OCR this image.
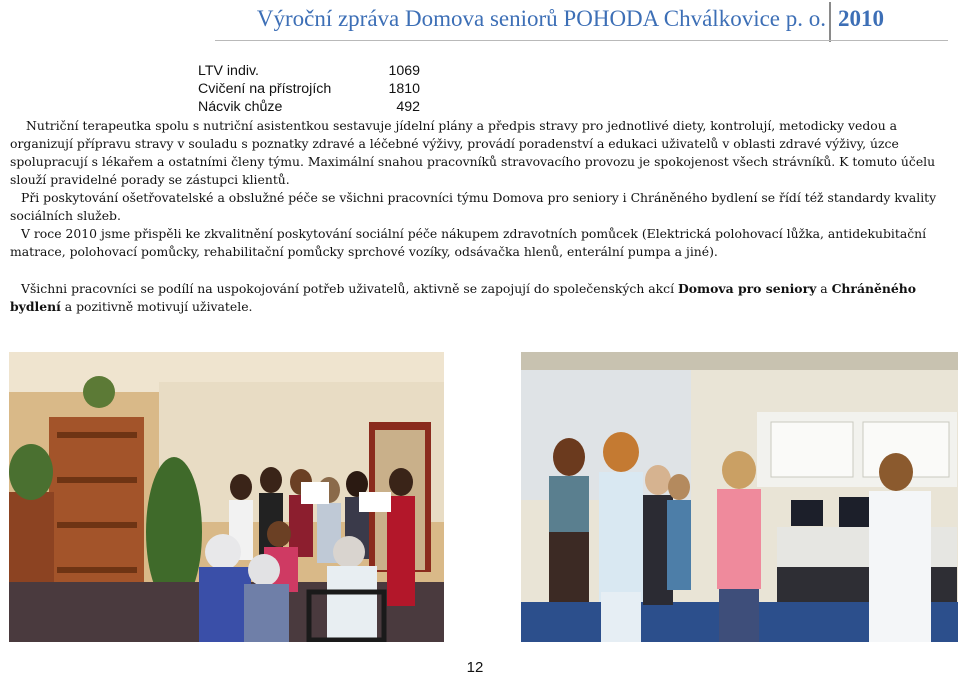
Výroční zpráva Domova seniorů POHODA Chválkovice p. o. 2010
LTV indiv.	1069
Cvičení na přístrojích	1810
Nácvik chůze	492

Nutriční terapeutka spolu s nutriční asistentkou sestavuje jídelní plány a předpis stravy pro jednotlivé diety, kontrolují, metodicky vedou a organizují přípravu stravy v souladu s poznatky zdravé a léčebné výživy, provádí poradenství a edukaci uživatelů v oblasti zdravé výživy, úzce spolupracují s lékařem a ostatními členy týmu. Maximální snahou pracovníků stravovacího provozu je spokojenost všech strávníků. K tomuto účelu slouží pravidelné porady se zástupci klientů.

Při poskytování ošetřovatelské a obslužné péče se všichni pracovníci týmu Domova pro seniory i Chráněného bydlení se řídí též standardy kvality sociálních služeb.

V roce 2010 jsme přispěli ke zkvalitnění poskytování sociální péče nákupem zdravotních pomůcek (Elektrická polohovací lůžka, antidekubitační matrace, polohovací pomůcky, rehabilitační pomůcky sprchové vozíky, odsávačka hlenů, enterální pumpa a jiné).

Všichni pracovníci se podílí na uspokojování potřeb uživatelů, aktivně se zapojují do společenských akcí Domova pro seniory a Chráněného bydlení a pozitivně motivují uživatele.

12
